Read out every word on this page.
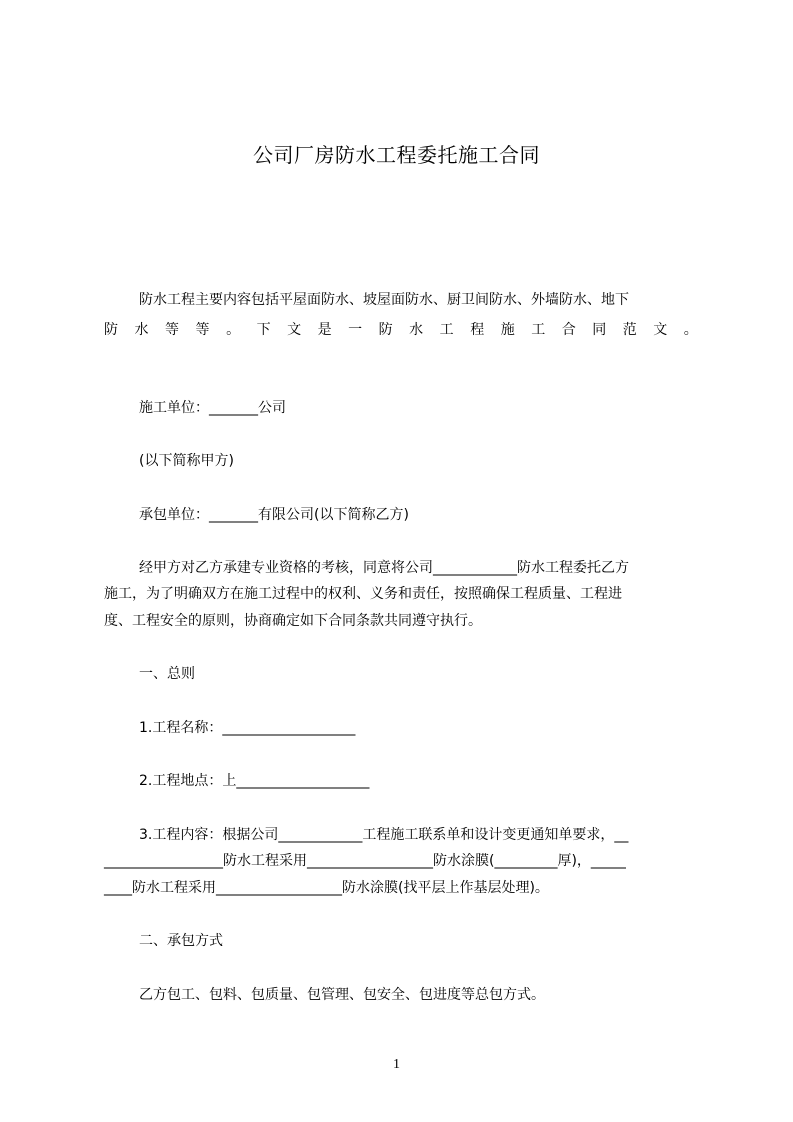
公司厂房防水工程委托施工合同
防水工程主要内容包括平屋面防水、坡屋面防水、厨卫间防水、外墙防水、地下
防 水 等 等 。 下 文 是 一 防 水 工 程 施 工 合 同 范 文 。
施工单位：_______公司
(以下简称甲方)
承包单位：_______有限公司(以下简称乙方)
经甲方对乙方承建专业资格的考核，同意将公司____________防水工程委托乙方
施工，为了明确双方在施工过程中的权利、义务和责任，按照确保工程质量、工程进
度、工程安全的原则，协商确定如下合同条款共同遵守执行。
一、总则
1.工程名称：___________________
2.工程地点：上___________________
3.工程内容：根据公司____________工程施工联系单和设计变更通知单要求，__
_________________防水工程采用__________________防水涂膜(_________厚)，_____
____防水工程采用__________________防水涂膜(找平层上作基层处理)。
二、承包方式
乙方包工、包料、包质量、包管理、包安全、包进度等总包方式。
1
